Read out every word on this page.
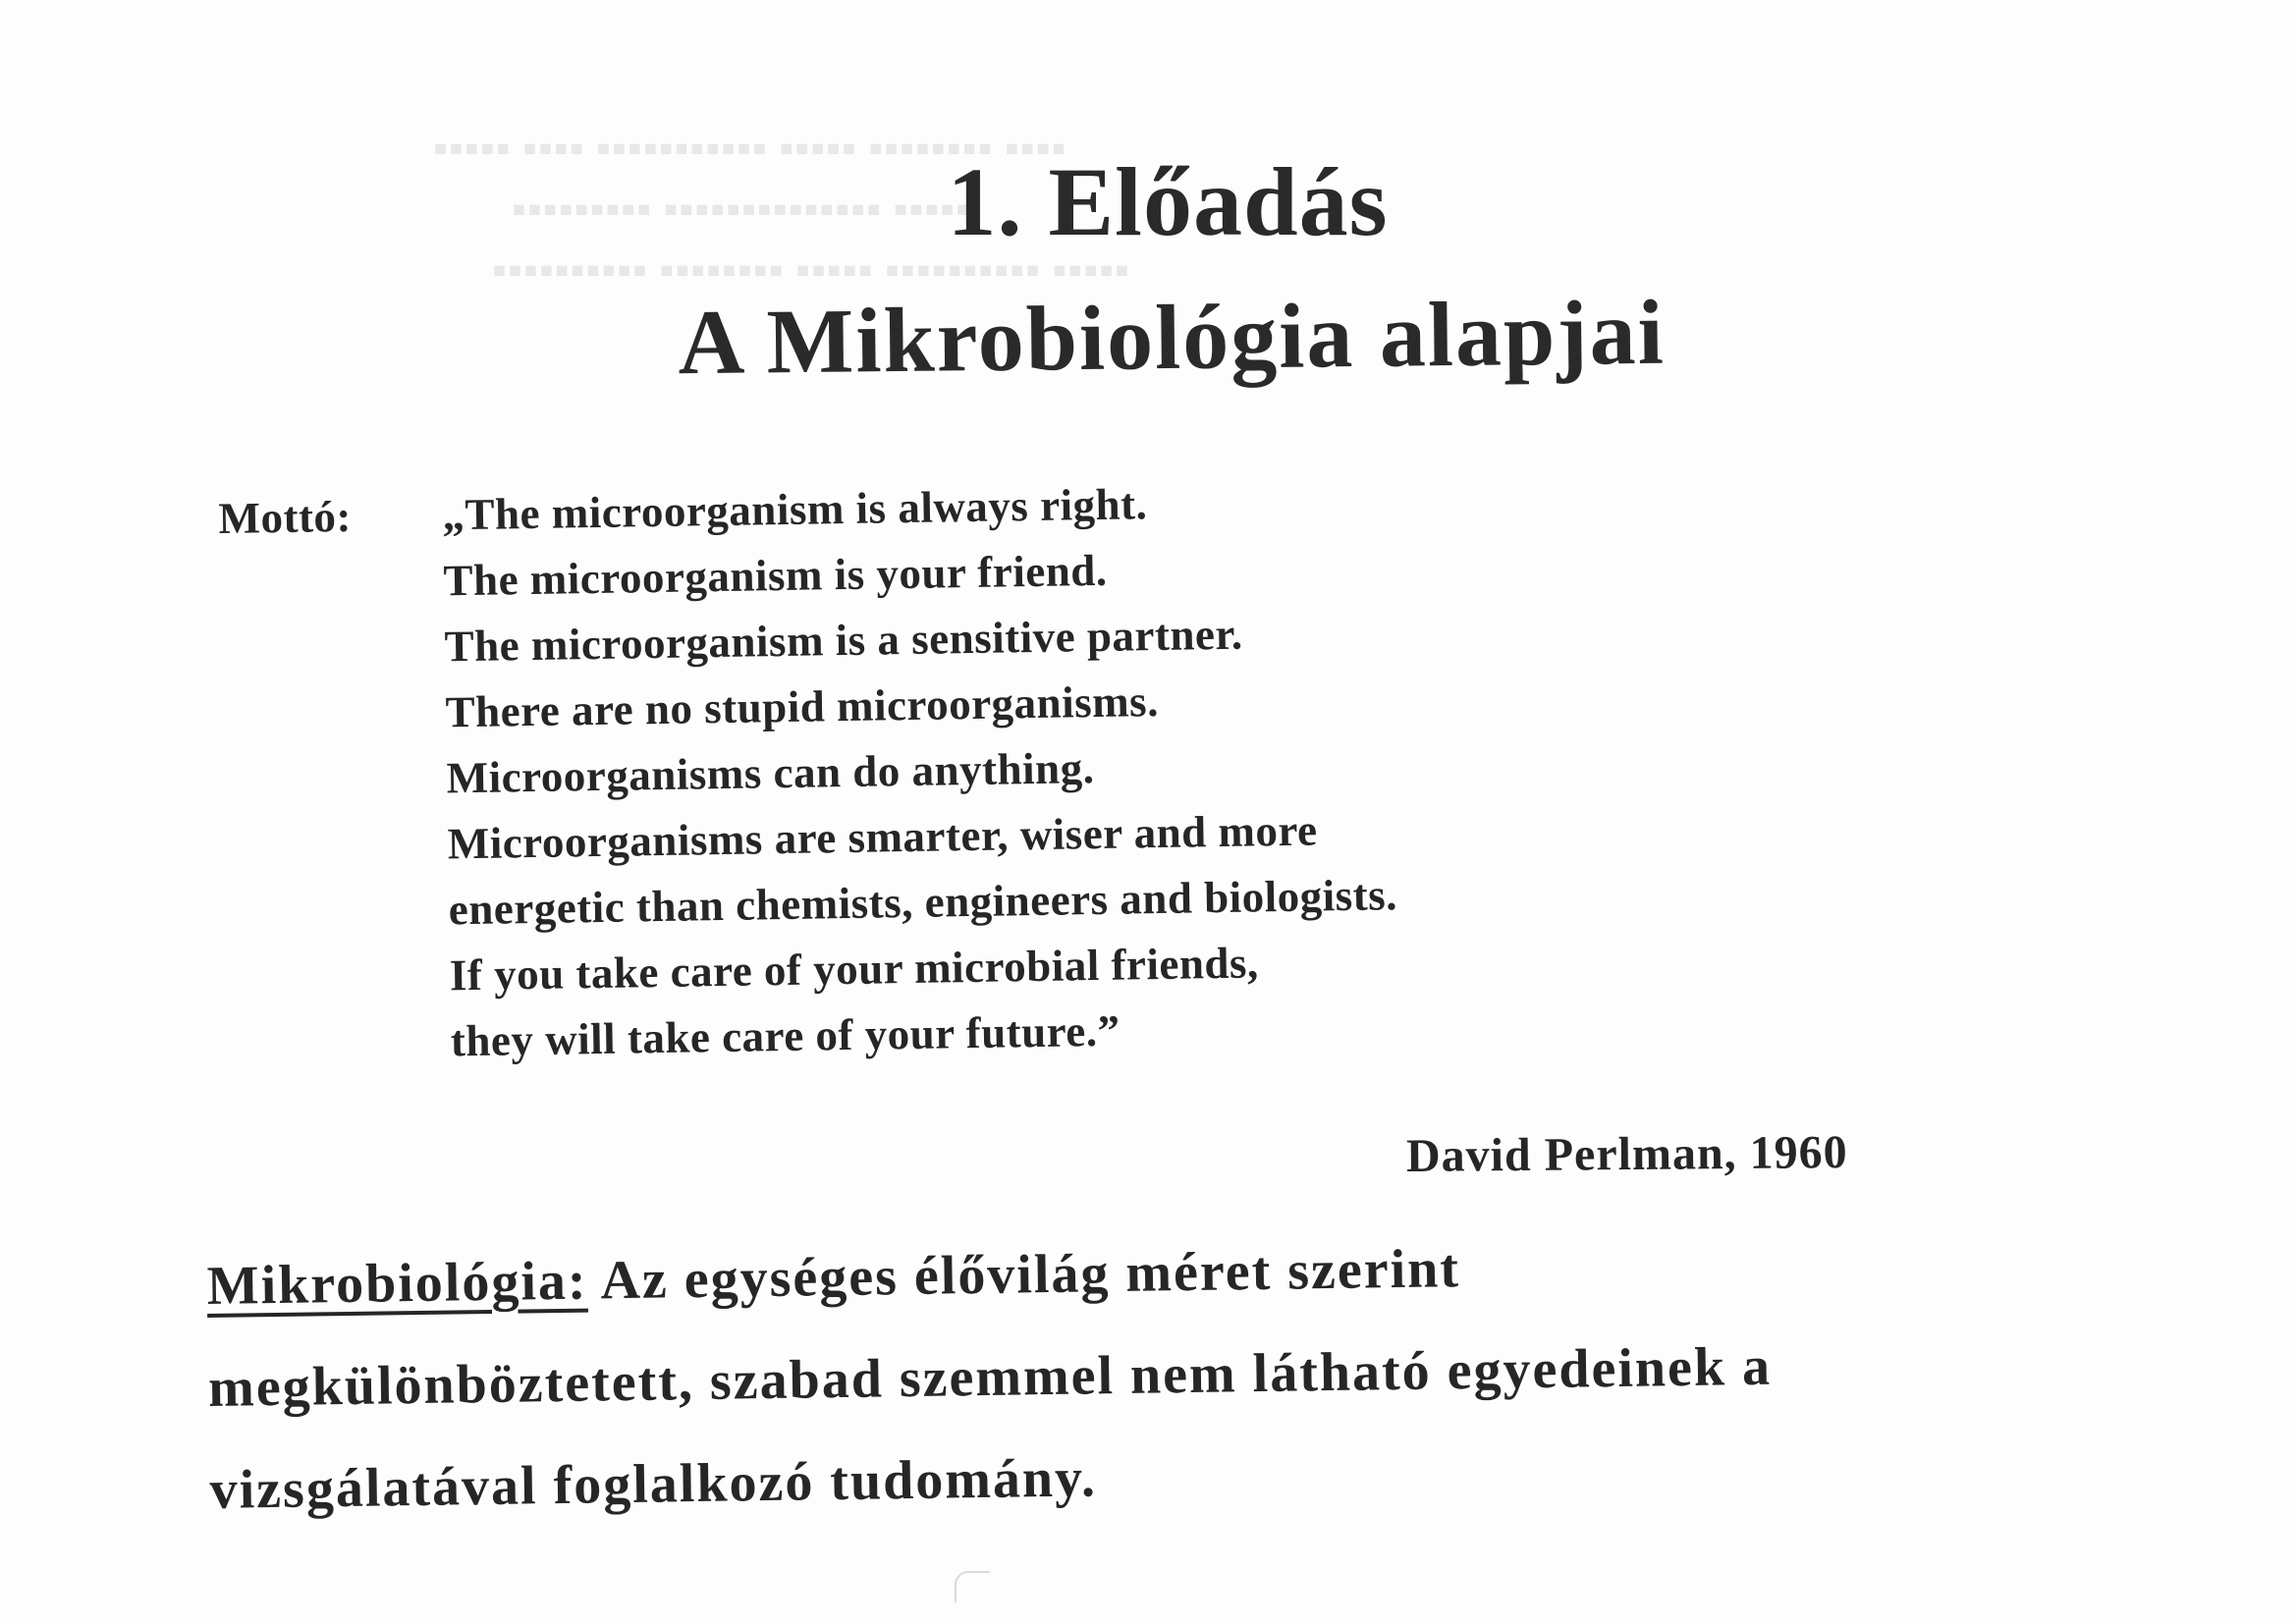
▪▪▪▪ ▪▪▪▪▪▪▪▪ ▪▪▪▪▪ ▪▪▪▪▪▪▪▪▪▪▪ ▪▪▪▪ ▪▪▪▪▪
▪▪▪▪▪ ▪▪▪▪▪▪▪▪▪▪▪▪▪▪ ▪▪▪▪▪▪▪▪▪
▪▪▪▪▪ ▪▪▪▪▪▪▪▪▪▪ ▪▪▪▪▪ ▪▪▪▪▪▪▪▪ ▪▪▪▪▪▪▪▪▪▪
1. Előadás
A Mikrobiológia alapjai
Mottó: „The microorganism is always right.
The microorganism is your friend.
The microorganism is a sensitive partner.
There are no stupid microorganisms.
Microorganisms can do anything.
Microorganisms are smarter, wiser and more
energetic than chemists, engineers and biologists.
If you take care of your microbial friends,
they will take care of your future.”
David Perlman, 1960
Mikrobiológia: Az egységes élővilág méret szerint
megkülönböztetett, szabad szemmel nem látható egyedeinek a
vizsgálatával foglalkozó tudomány.
